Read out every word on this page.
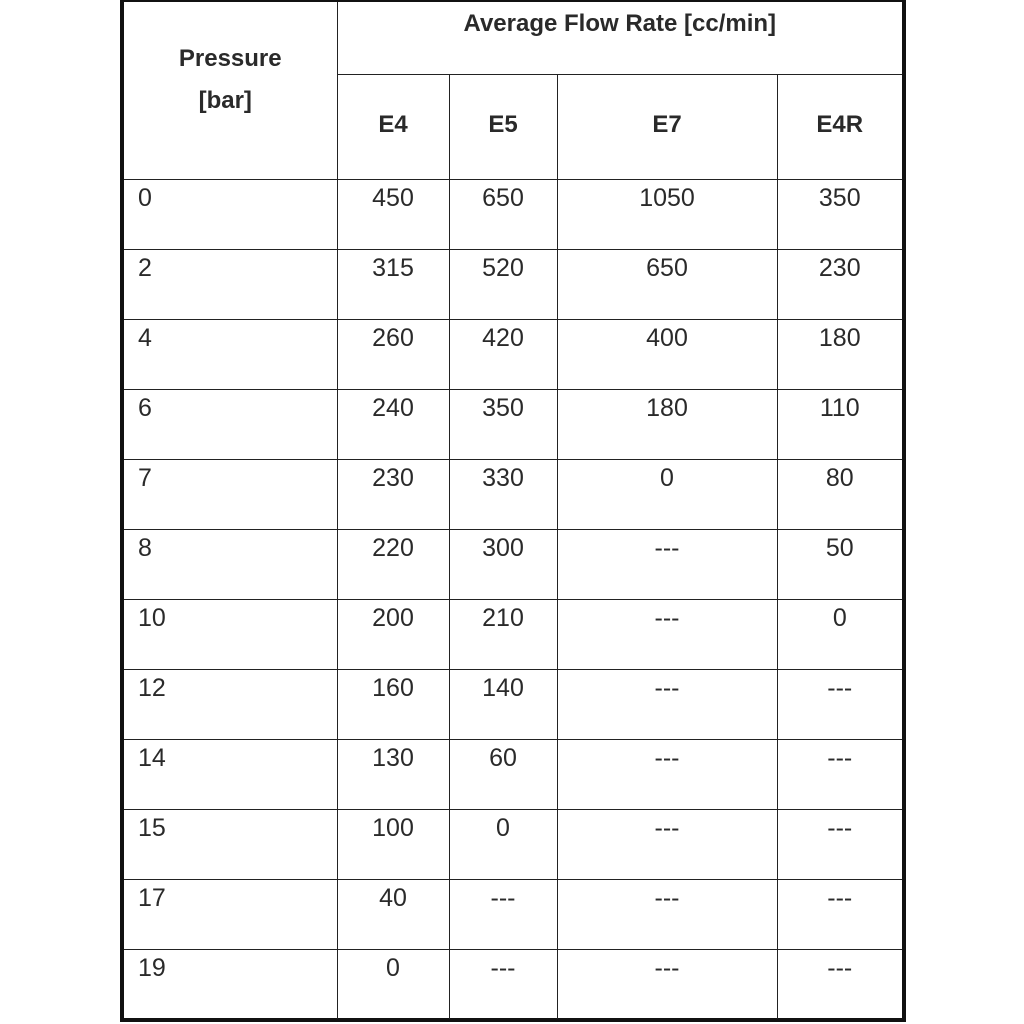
Pressure
[bar]	Average Flow Rate [cc/min]			
	E4	E5	E7	E4R
0	450	650	1050	350
2	315	520	650	230
4	260	420	400	180
6	240	350	180	110
7	230	330	0	80
8	220	300	---	50
10	200	210	---	0
12	160	140	---	---
14	130	60	---	---
15	100	0	---	---
17	40	---	---	---
19	0	---	---	---
